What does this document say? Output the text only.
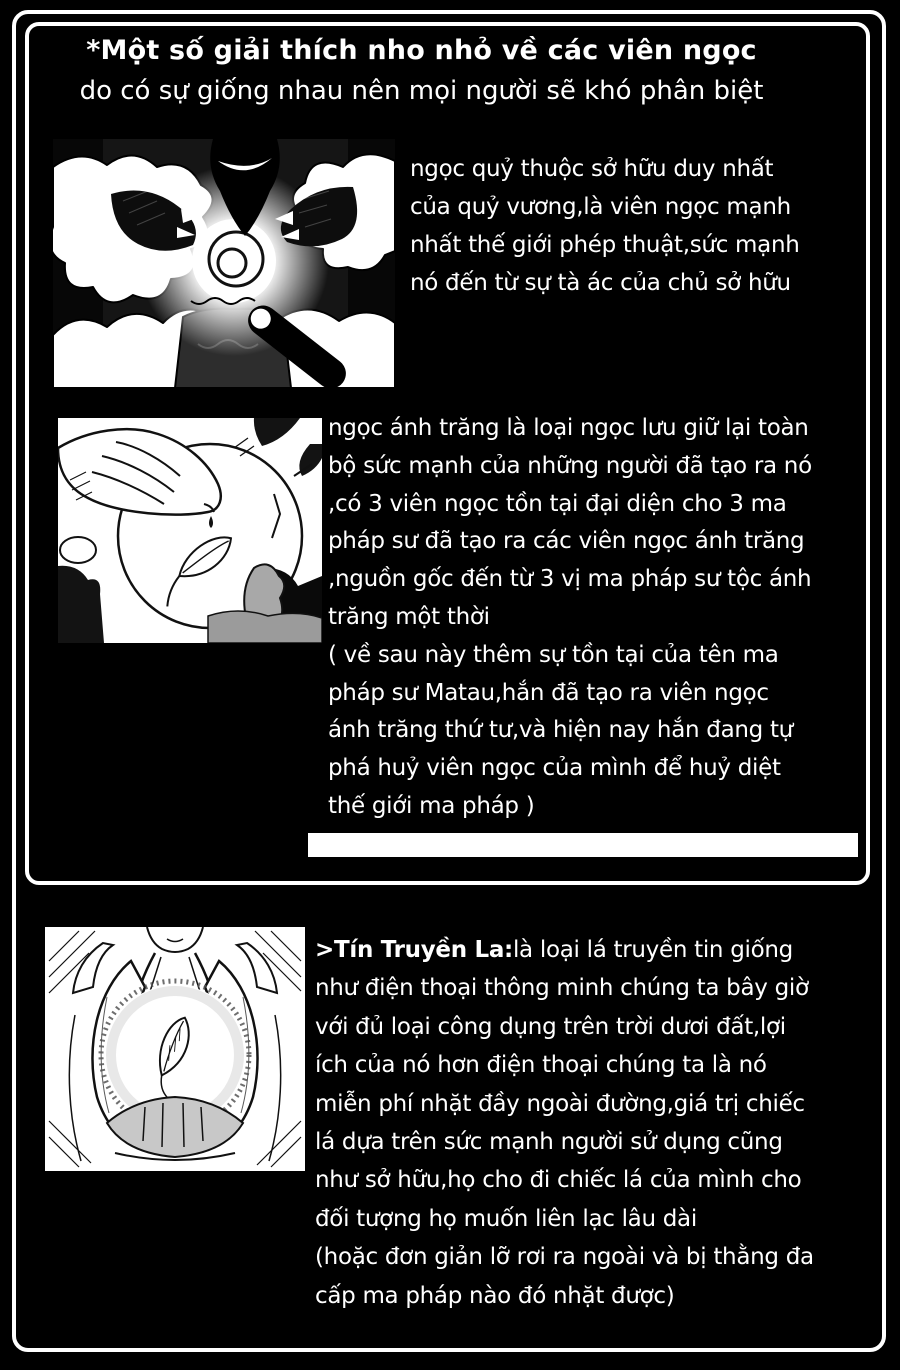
*Một số giải thích nho nhỏ về các viên ngọc
do có sự giống nhau nên mọi người sẽ khó phân biệt
ngọc quỷ thuộc sở hữu duy nhất
của quỷ vương,là viên ngọc mạnh
nhất thế giới phép thuật,sức mạnh
nó đến từ sự tà ác của chủ sở hữu
ngọc ánh trăng là loại ngọc lưu giữ lại toàn
bộ sức mạnh của những người đã tạo ra nó
,có 3 viên ngọc tồn tại đại diện cho 3 ma
pháp sư đã tạo ra các viên ngọc ánh trăng
,nguồn gốc đến từ 3 vị ma pháp sư tộc ánh
trăng một thời
( về sau này thêm sự tồn tại của tên ma
pháp sư Matau,hắn đã tạo ra viên ngọc
ánh trăng thứ tư,và hiện nay hắn đang tự
phá huỷ viên ngọc của mình để huỷ diệt
thế giới ma pháp )
>Tín Truyền La:là loại lá truyền tin giống
như điện thoại thông minh chúng ta bây giờ
với đủ loại công dụng trên trời dươi đất,lợi
ích của nó hơn điện thoại chúng ta là nó
miễn phí nhặt đầy ngoài đường,giá trị chiếc
lá dựa trên sức mạnh người sử dụng cũng
như sở hữu,họ cho đi chiếc lá của mình cho
đối tượng họ muốn liên lạc lâu dài
(hoặc đơn giản lỡ rơi ra ngoài và bị thằng đa
cấp ma pháp nào đó nhặt được)
